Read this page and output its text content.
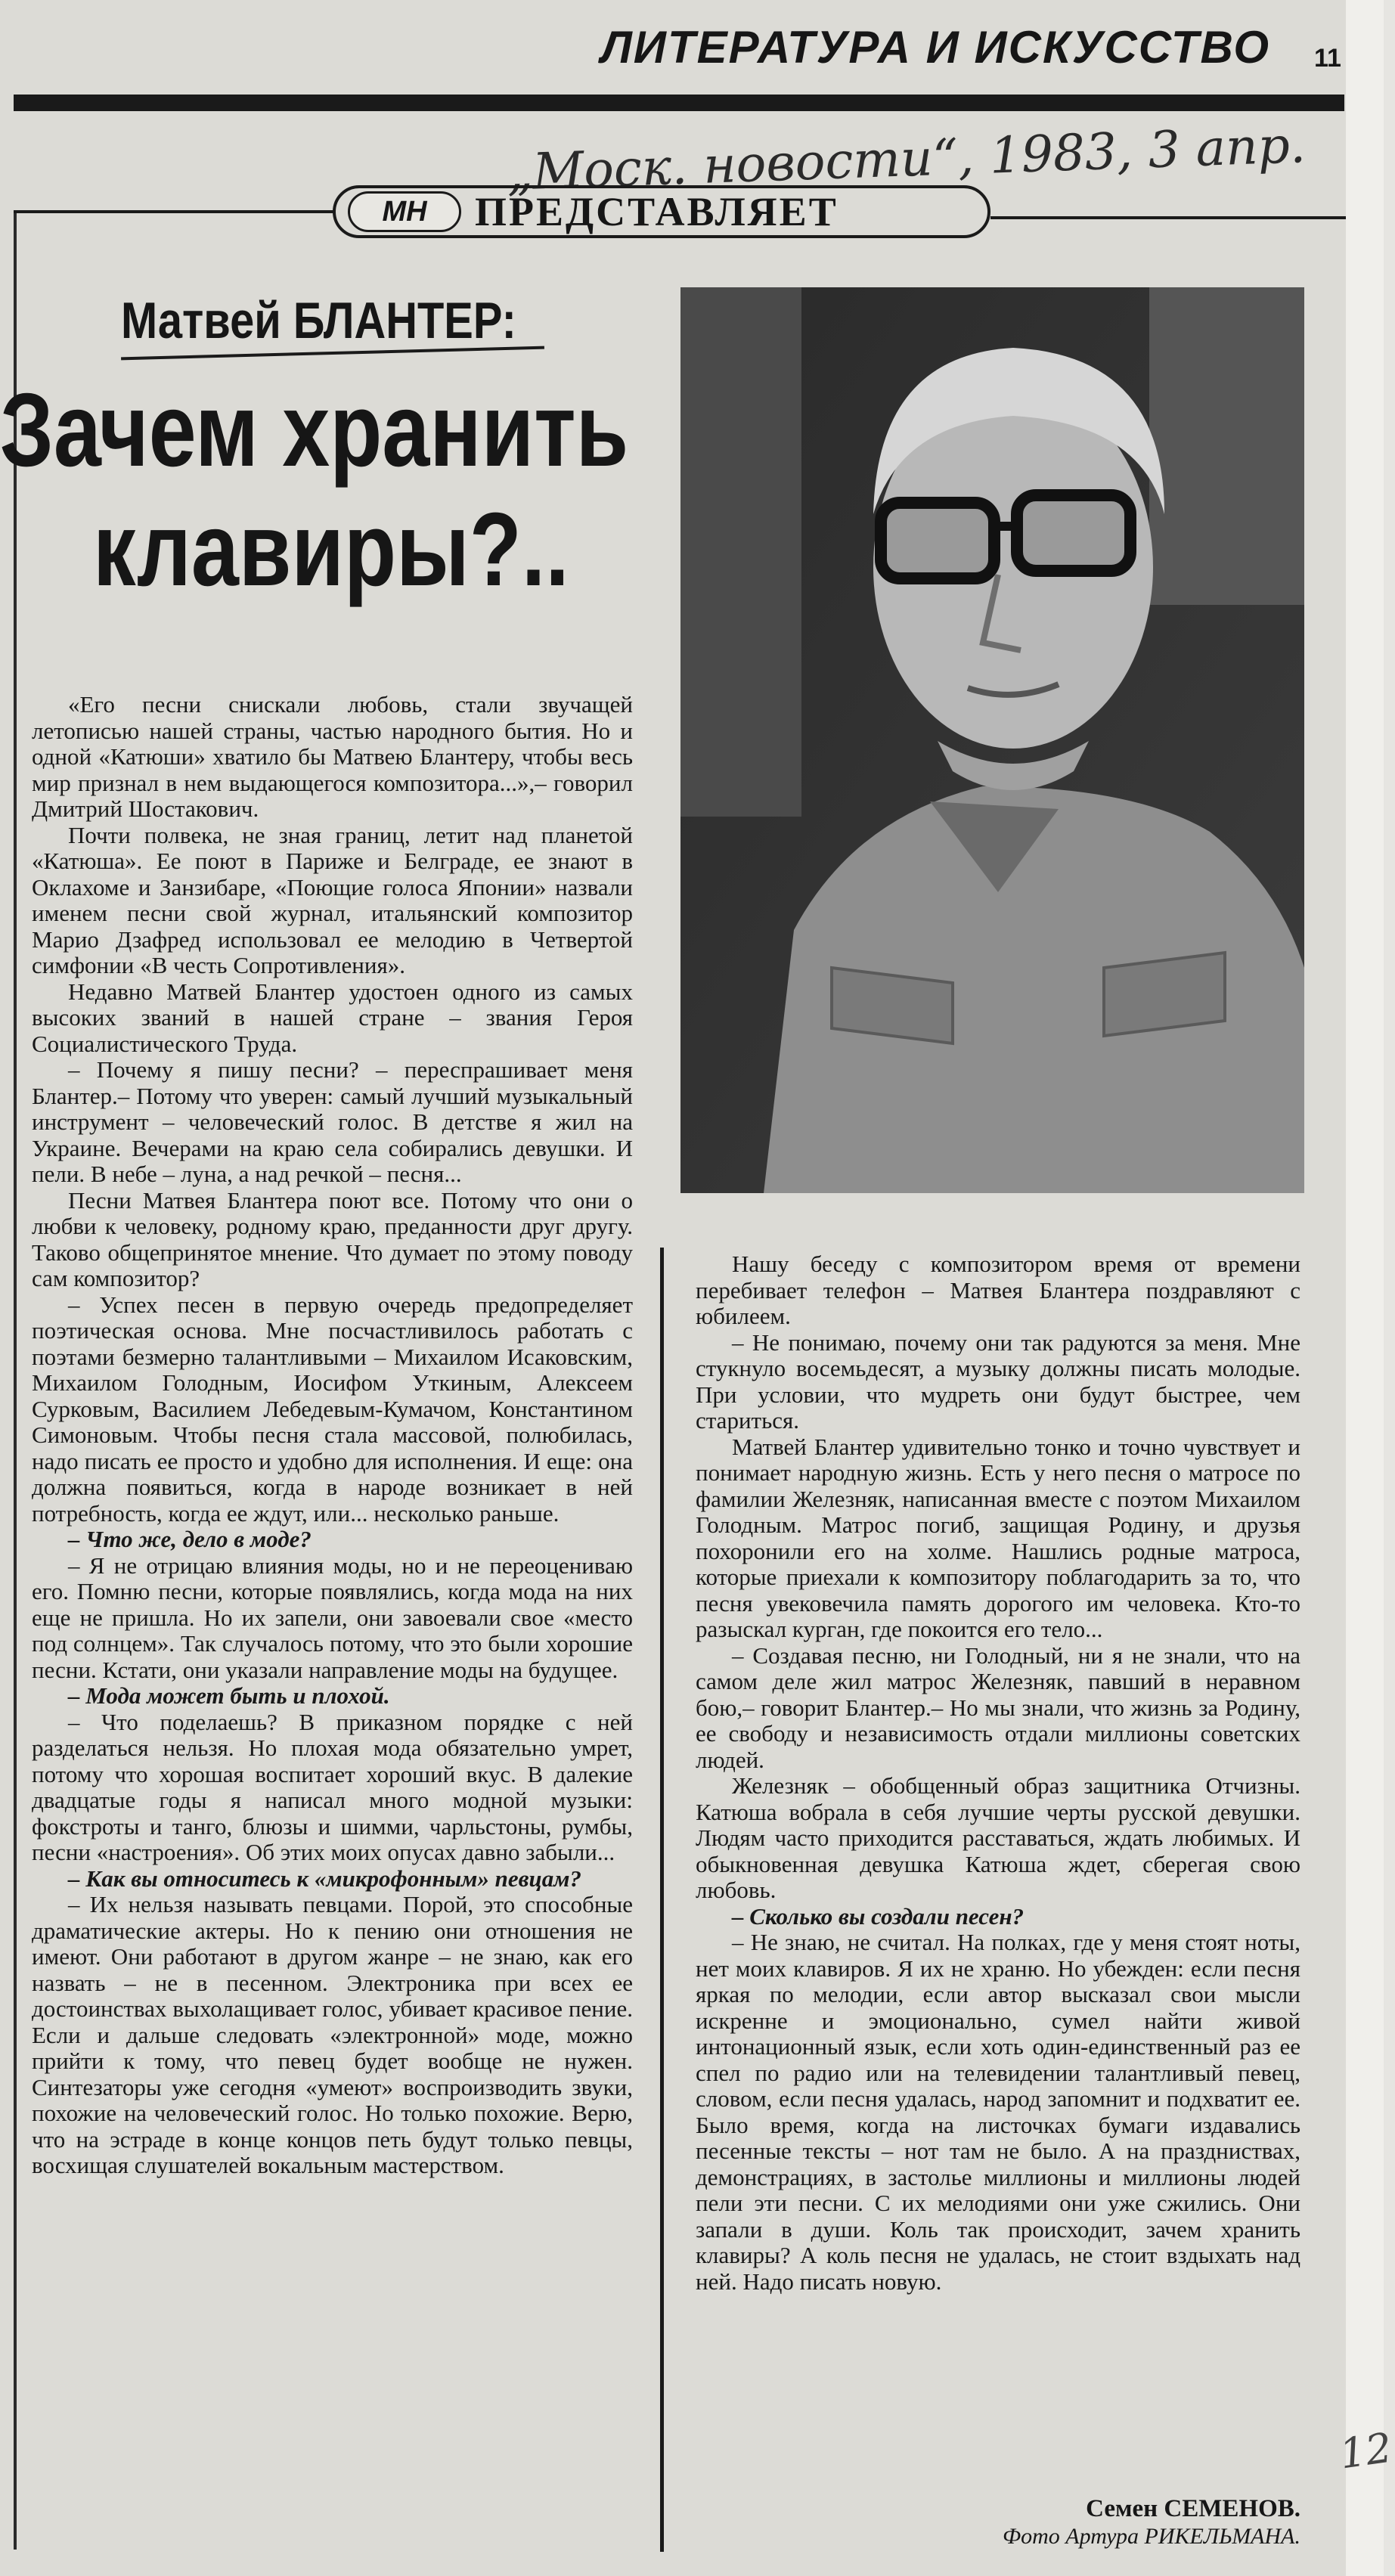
ЛИТЕРАТУРА И ИСКУССТВО 11
„Моск. новости“, 1983, 3 апр.
МН	ПРЕДСТАВЛЯЕТ
Матвей БЛАНТЕР:
Зачем хранить
клавиры?..

«Его песни снискали любовь, стали звучащей летописью нашей страны, частью народного бытия. Но и одной «Катюши» хватило бы Матвею Блантеру, чтобы весь мир признал в нем выдающегося композитора...»,– говорил Дмитрий Шостакович.

Почти полвека, не зная границ, летит над планетой «Катюша». Ее поют в Париже и Белграде, ее знают в Оклахоме и Занзибаре, «Поющие голоса Японии» назвали именем песни свой журнал, итальянский композитор Марио Дзафред использовал ее мелодию в Четвертой симфонии «В честь Сопротивления».

Недавно Матвей Блантер удостоен одного из самых высоких званий в нашей стране – звания Героя Социалистического Труда.

– Почему я пишу песни? – переспрашивает меня Блантер.– Потому что уверен: самый лучший музыкальный инструмент – человеческий голос. В детстве я жил на Украине. Вечерами на краю села собирались девушки. И пели. В небе – луна, а над речкой – песня...

Песни Матвея Блантера поют все. Потому что они о любви к человеку, родному краю, преданности друг другу. Таково общепринятое мнение. Что думает по этому поводу сам композитор?

– Успех песен в первую очередь предопределяет поэтическая основа. Мне посчастливилось работать с поэтами безмерно талантливыми – Михаилом Исаковским, Михаилом Голодным, Иосифом Уткиным, Алексеем Сурковым, Василием Лебедевым-Кумачом, Константином Симоновым. Чтобы песня стала массовой, полюбилась, надо писать ее просто и удобно для исполнения. И еще: она должна появиться, когда в народе возникает в ней потребность, когда ее ждут, или... несколько раньше.

– Что же, дело в моде?

– Я не отрицаю влияния моды, но и не переоцениваю его. Помню песни, которые появлялись, когда мода на них еще не пришла. Но их запели, они завоевали свое «место под солнцем». Так случалось потому, что это были хорошие песни. Кстати, они указали направление моды на будущее.

– Мода может быть и плохой.

– Что поделаешь? В приказном порядке с ней разделаться нельзя. Но плохая мода обязательно умрет, потому что хорошая воспитает хороший вкус. В далекие двадцатые годы я написал много модной музыки: фокстроты и танго, блюзы и шимми, чарльстоны, румбы, песни «настроения». Об этих моих опусах давно забыли...

– Как вы относитесь к «микрофонным» певцам?

– Их нельзя называть певцами. Порой, это способные драматические актеры. Но к пению они отношения не имеют. Они работают в другом жанре – не знаю, как его назвать – не в песенном. Электроника при всех ее достоинствах выхолащивает голос, убивает красивое пение. Если и дальше следовать «электронной» моде, можно прийти к тому, что певец будет вообще не нужен. Синтезаторы уже сегодня «умеют» воспроизводить звуки, похожие на человеческий голос. Но только похожие. Верю, что на эстраде в конце концов петь будут только певцы, восхищая слушателей вокальным мастерством.

Нашу беседу с композитором время от времени перебивает телефон – Матвея Блантера поздравляют с юбилеем.

– Не понимаю, почему они так радуются за меня. Мне стукнуло восемьдесят, а музыку должны писать молодые. При условии, что мудреть они будут быстрее, чем стариться.

Матвей Блантер удивительно тонко и точно чувствует и понимает народную жизнь. Есть у него песня о матросе по фамилии Железняк, написанная вместе с поэтом Михаилом Голодным. Матрос погиб, защищая Родину, и друзья похоронили его на холме. Нашлись родные матроса, которые приехали к композитору поблагодарить за то, что песня увековечила память дорогого им человека. Кто-то разыскал курган, где покоится его тело...

– Создавая песню, ни Голодный, ни я не знали, что на самом деле жил матрос Железняк, павший в неравном бою,– говорит Блантер.– Но мы знали, что жизнь за Родину, ее свободу и независимость отдали миллионы советских людей.

Железняк – обобщенный образ защитника Отчизны. Катюша вобрала в себя лучшие черты русской девушки. Людям часто приходится расставаться, ждать любимых. И обыкновенная девушка Катюша ждет, сберегая свою любовь.

– Сколько вы создали песен?

– Не знаю, не считал. На полках, где у меня стоят ноты, нет моих клавиров. Я их не храню. Но убежден: если песня яркая по мелодии, если автор высказал свои мысли искренне и эмоционально, сумел найти живой интонационный язык, если хоть один-единственный раз ее спел по радио или на телевидении талантливый певец, словом, если песня удалась, народ запомнит и подхватит ее. Было время, когда на листочках бумаги издавались песенные тексты – нот там не было. А на праздниствах, демонстрациях, в застолье миллионы и миллионы людей пели эти песни. С их мелодиями они уже сжились. Они запали в души. Коль так происходит, зачем хранить клавиры? А коль песня не удалась, не стоит вздыхать над ней. Надо писать новую.

Семен СЕМЕНОВ.
Фото Артура РИКЕЛЬМАНА.
12
